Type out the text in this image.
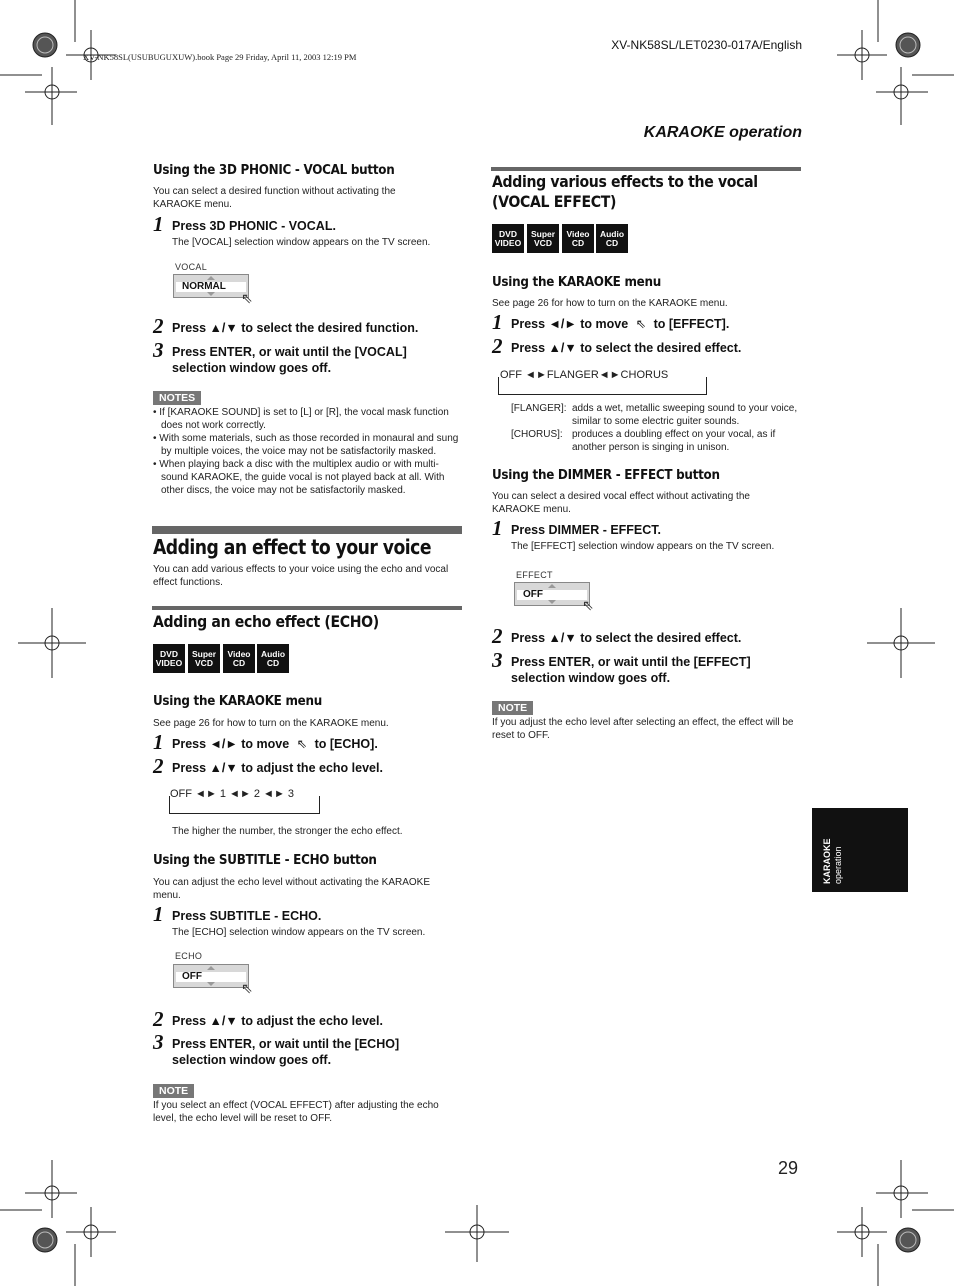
XV-NK58SL(USUBUGUXUW).book Page 29 Friday, April 11, 2003 12:19 PM
XV-NK58SL/LET0230-017A/English
KARAOKE operation
Using the 3D PHONIC - VOCAL button
You can select a desired function without activating the KARAOKE menu.
1 Press 3D PHONIC - VOCAL.
The [VOCAL] selection window appears on the TV screen.
VOCAL
NORMAL
⇖
2 Press ▲/▼ to select the desired function.
3 Press ENTER, or wait until the [VOCAL] selection window goes off.
NOTES
• If [KARAOKE SOUND] is set to [L] or [R], the vocal mask function does not work correctly.
• With some materials, such as those recorded in monaural and sung by multiple voices, the voice may not be satisfactorily masked.
• When playing back a disc with the multiplex audio or with multi-sound KARAOKE, the guide vocal is not played back at all. With other discs, the voice may not be satisfactorily masked.
Adding an effect to your voice
You can add various effects to your voice using the echo and vocal effect functions.
Adding an echo effect (ECHO)
DVD
VIDEO
Super
VCD
Video
CD
Audio
CD
Using the KARAOKE menu
See page 26 for how to turn on the KARAOKE menu.
1 Press ◄/► to move ⇖ to [ECHO].
2 Press ▲/▼ to adjust the echo level.
OFF ◄► 1 ◄► 2 ◄► 3
The higher the number, the stronger the echo effect.
Using the SUBTITLE - ECHO button
You can adjust the echo level without activating the KARAOKE menu.
1 Press SUBTITLE - ECHO.
The [ECHO] selection window appears on the TV screen.
ECHO
OFF
⇖
2 Press ▲/▼ to adjust the echo level.
3 Press ENTER, or wait until the [ECHO] selection window goes off.
NOTE
If you select an effect (VOCAL EFFECT) after adjusting the echo level, the echo level will be reset to OFF.
Adding various effects to the vocal (VOCAL EFFECT)
DVD
VIDEO
Super
VCD
Video
CD
Audio
CD
Using the KARAOKE menu
See page 26 for how to turn on the KARAOKE menu.
1 Press ◄/► to move ⇖ to [EFFECT].
2 Press ▲/▼ to select the desired effect.
OFF ◄►FLANGER◄►CHORUS
[FLANGER]:	adds a wet, metallic sweeping sound to your voice, similar to some electric guiter sounds.
[CHORUS]:	produces a doubling effect on your vocal, as if another person is singing in unison.
Using the DIMMER - EFFECT button
You can select a desired vocal effect without activating the KARAOKE menu.
1 Press DIMMER - EFFECT.
The [EFFECT] selection window appears on the TV screen.
EFFECT
OFF
⇖
2 Press ▲/▼ to select the desired effect.
3 Press ENTER, or wait until the [EFFECT] selection window goes off.
NOTE
If you adjust the echo level after selecting an effect, the effect will be reset to OFF.
KARAOKE operation
29
